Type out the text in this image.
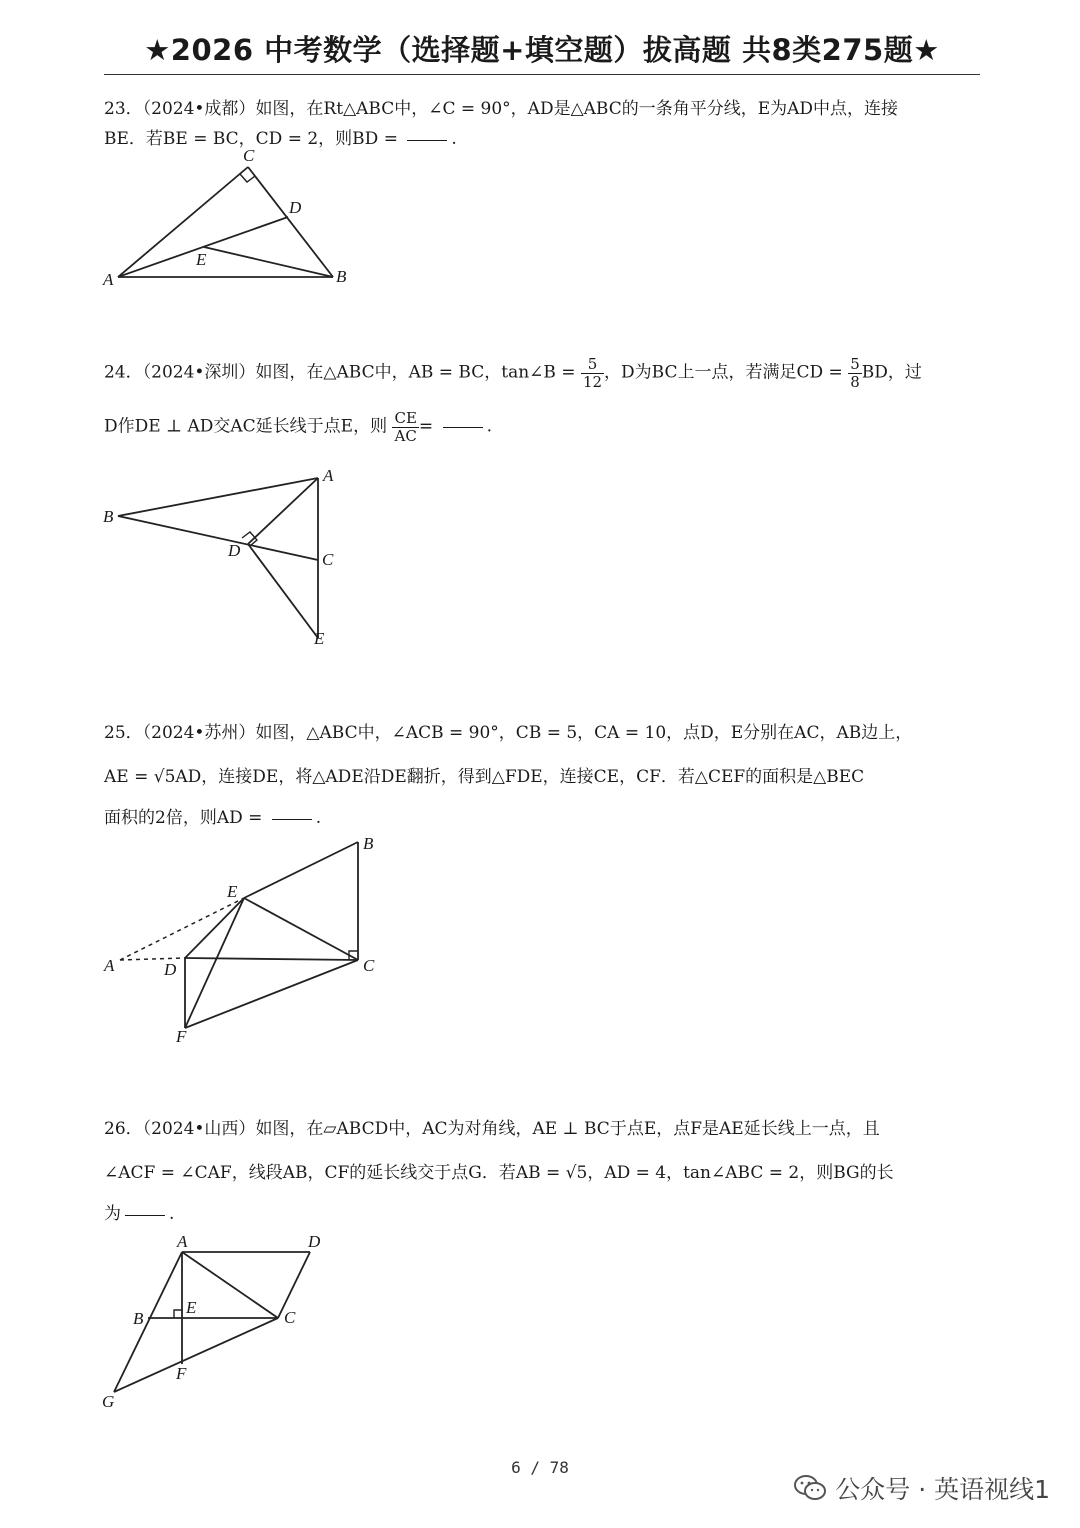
★2026 中考数学（选择题+填空题）拔高题 共8类275题★
23．（2024•成都）如图，在Rt△ABC中，∠C = 90°，AD是△ABC的一条角平分线，E为AD中点，连接
BE．若BE = BC，CD = 2，则BD =	.
C
D
E
A	B
24．（2024•深圳）如图，在△ABC中，AB = BC，tan∠B = $\frac{5}{12}$ ，D为BC上一点，若满足CD = $\frac{5}{8}$ BD，过
D作DE ⊥ AD交AC延长线于点E，则 $\frac{CE}{AC}$ =	.
A
B
D	C
E
25．（2024•苏州）如图，△ABC中，∠ACB = 90°，CB = 5，CA = 10，点D，E分别在AC，AB边上，
AE = √5AD，连接DE，将△ADE沿DE翻折，得到△FDE，连接CE，CF．若△CEF的面积是△BEC
面积的2倍，则AD =	.
B
E
A	D	C
F
26．（2024•山西）如图，在▱ABCD中，AC为对角线，AE ⊥ BC于点E，点F是AE延长线上一点，且
∠ACF = ∠CAF，线段AB，CF的延长线交于点G．若AB = √5，AD = 4，tan∠ABC = 2，则BG的长
为	.
A	D
B
E
C
F
G
6 / 78
公众号 · 英语视线1
